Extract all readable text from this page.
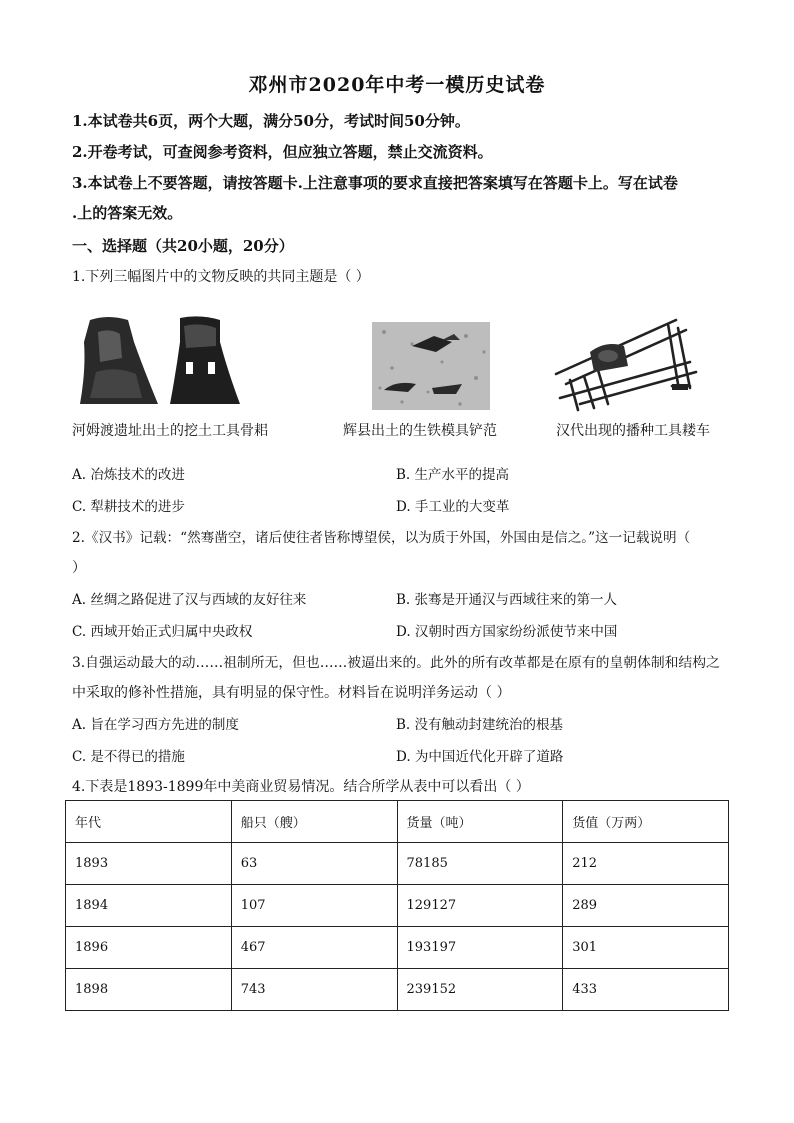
邓州市2020年中考一模历史试卷
1.本试卷共6页，两个大题，满分50分，考试时间50分钟。
2.开卷考试，可查阅参考资料，但应独立答题，禁止交流资料。
3.本试卷上不要答题，请按答题卡.上注意事项的要求直接把答案填写在答题卡上。写在试卷
.上的答案无效。
一、选择题（共20小题，20分）
1.下列三幅图片中的文物反映的共同主题是（ ）
河姆渡遗址出土的挖土工具骨耜	辉县出土的生铁模具铲范	汉代出现的播种工具耧车
A. 冶炼技术的改进	B. 生产水平的提高
C. 犁耕技术的进步	D. 手工业的大变革
2.《汉书》记载：“然骞凿空，诸后使往者皆称博望侯，以为质于外国，外国由是信之。”这一记载说明（
）
A. 丝绸之路促进了汉与西域的友好往来	B. 张骞是开通汉与西域往来的第一人
C. 西域开始正式归属中央政权	D. 汉朝时西方国家纷纷派使节来中国
3.自强运动最大的动……祖制所无，但也……被逼出来的。此外的所有改革都是在原有的皇朝体制和结构之
中采取的修补性措施，具有明显的保守性。材料旨在说明洋务运动（ ）
A. 旨在学习西方先进的制度	B. 没有触动封建统治的根基
C. 是不得已的措施	D. 为中国近代化开辟了道路
4.下表是1893-1899年中美商业贸易情况。结合所学从表中可以看出（ ）
年代	船只（艘）	货量（吨）	货值（万两）
1893	63	78185	212
1894	107	129127	289
1896	467	193197	301
1898	743	239152	433
